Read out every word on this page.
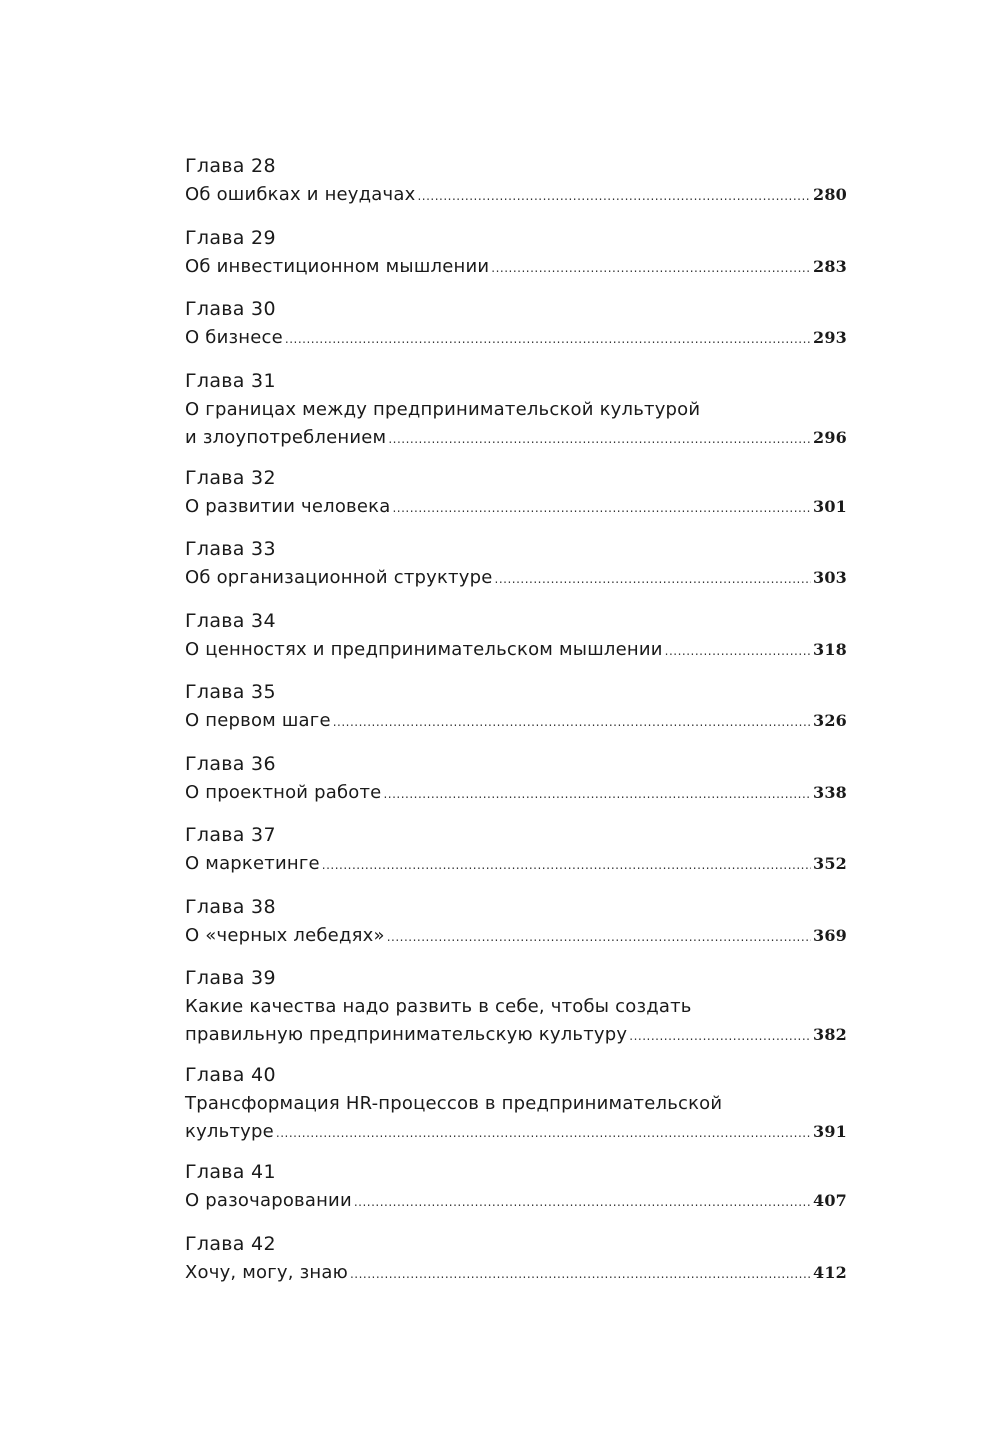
Глава 28
Об ошибках и неудачах .....	280
Глава 29
Об инвестиционном мышлении .....	283
Глава 30
О бизнесе .....	293
Глава 31
О границах между предпринимательской культурой
и злоупотреблением .....	296
Глава 32
О развитии человека .....	301
Глава 33
Об организационной структуре .....	303
Глава 34
О ценностях и предпринимательском мышлении .....	318
Глава 35
О первом шаге .....	326
Глава 36
О проектной работе .....	338
Глава 37
О маркетинге .....	352
Глава 38
О «черных лебедях» .....	369
Глава 39
Какие качества надо развить в себе, чтобы создать
правильную предпринимательскую культуру .....	382
Глава 40
Трансформация HR-процессов в предпринимательской
культуре .....	391
Глава 41
О разочаровании .....	407
Глава 42
Хочу, могу, знаю .....	412
